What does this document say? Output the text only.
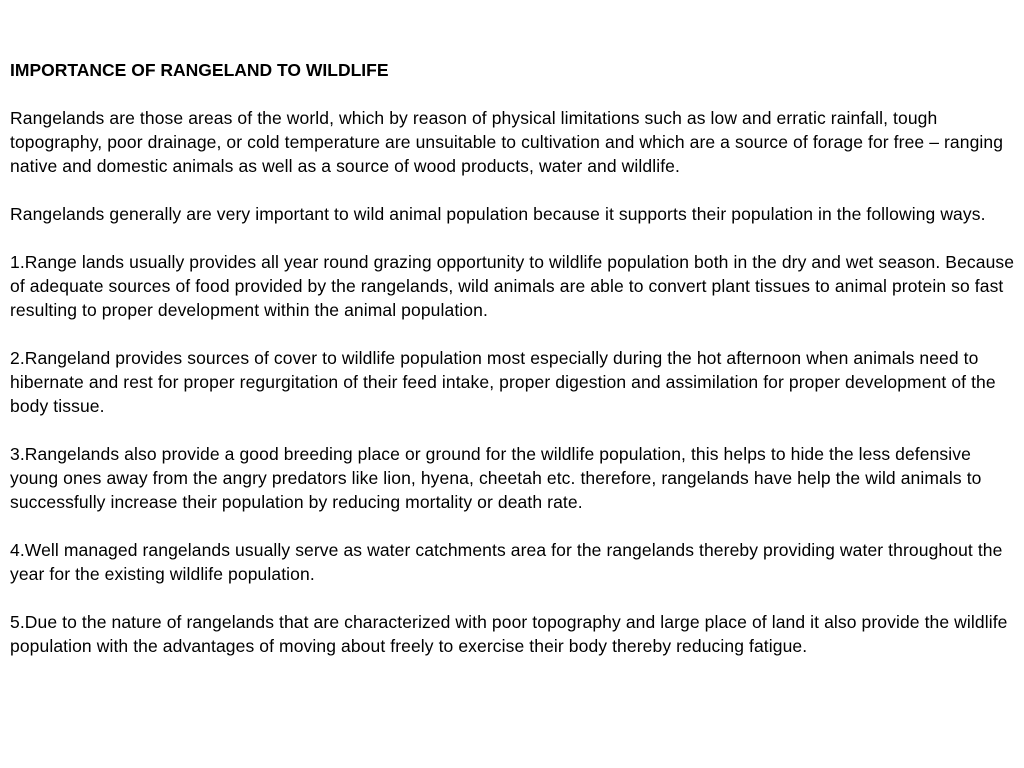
IMPORTANCE OF RANGELAND TO WILDLIFE

Rangelands are those areas of the world, which by reason of physical limitations such as low and erratic rainfall, tough topography, poor drainage, or cold temperature are unsuitable to cultivation and which are a source of forage for free – ranging native and domestic animals as well as a source of wood products, water and wildlife.

Rangelands generally are very important to wild animal population because it supports their population in the following ways.

1.Range lands usually provides all year round grazing opportunity to wildlife population both in the dry and wet season. Because of adequate sources of food provided by the rangelands, wild animals are able to convert plant tissues to animal protein so fast resulting to proper development within the animal population.

2.Rangeland provides sources of cover to wildlife population most especially during the hot afternoon when animals need to hibernate and rest for proper regurgitation of their feed intake, proper digestion and assimilation for proper development of the body tissue.

3.Rangelands also provide a good breeding place or ground for the wildlife population, this helps to hide the less defensive young ones away from the angry predators like lion, hyena, cheetah etc. therefore, rangelands have help the wild animals to successfully increase their population by reducing mortality or death rate.

4.Well managed rangelands usually serve as water catchments area for the rangelands thereby providing water throughout the year for the existing wildlife population.

5.Due to the nature of rangelands that are characterized with poor topography and large place of land it also provide the wildlife population with the advantages of moving about freely to exercise their body thereby reducing fatigue.
